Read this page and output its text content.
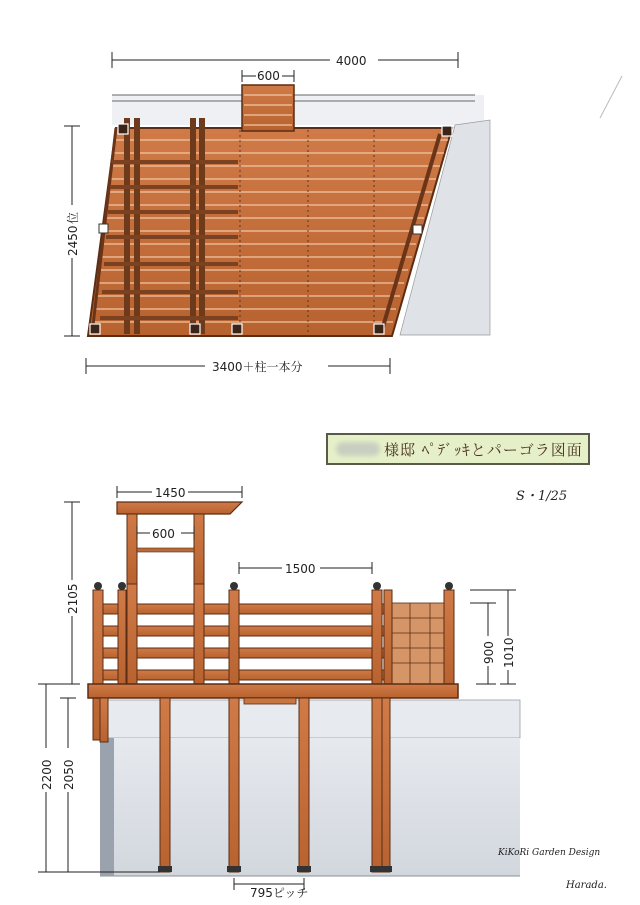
4000
600
2450
位
3400＋柱一本分
1450
600
1500
2105
900 1010
2200 2050
795ピッチ
S・1/25
KiKoRi Garden Design
Harada.
様邸 ﾍﾟﾃﾞｯｷとパーゴラ図面
